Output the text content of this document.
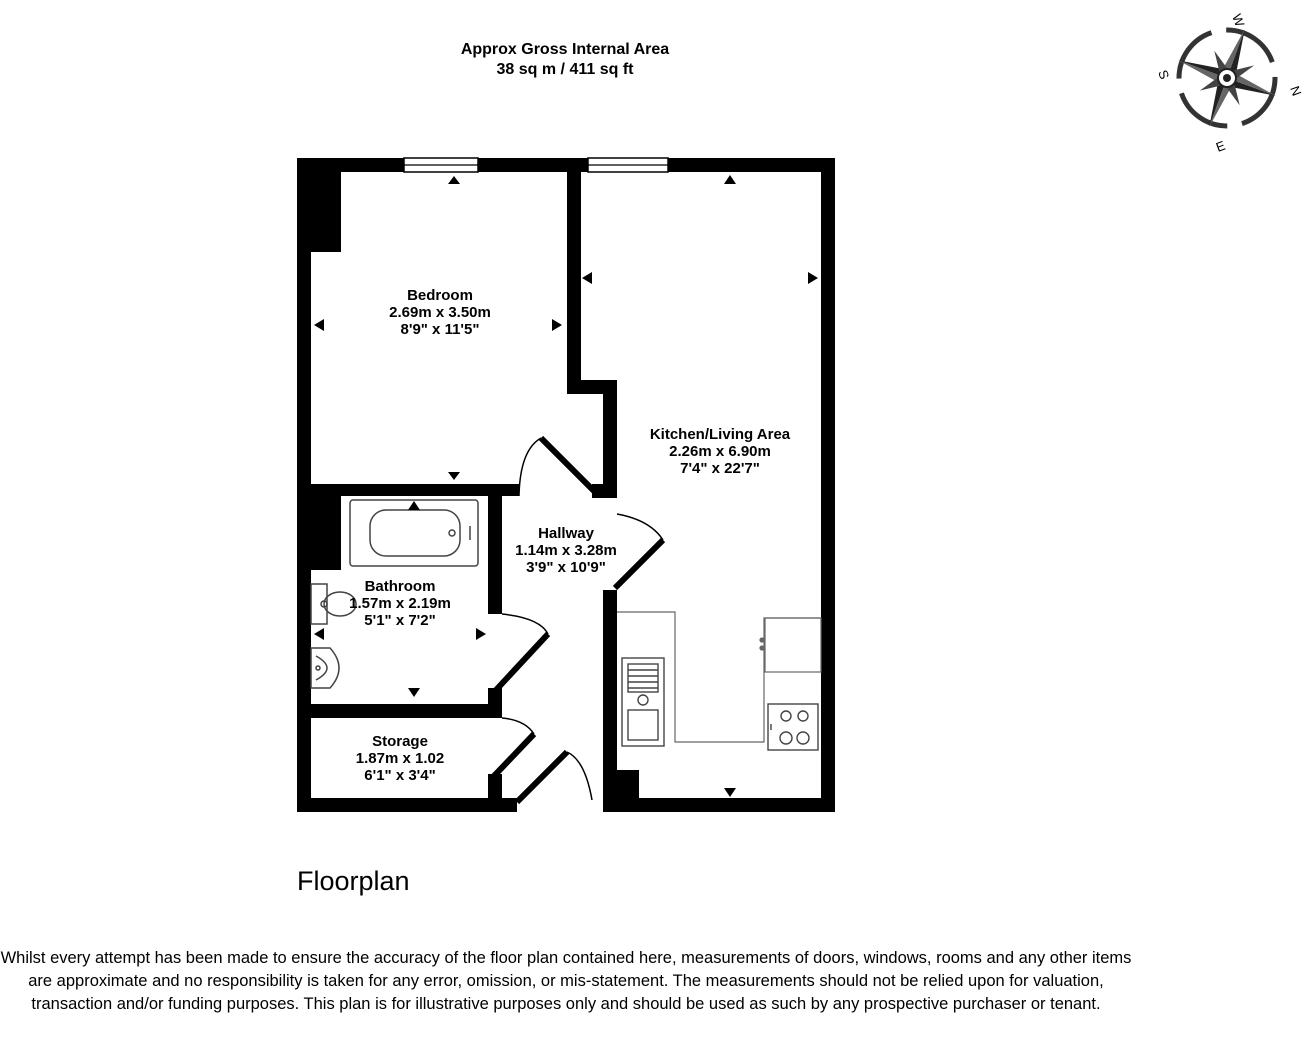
Approx Gross Internal Area
38 sq m / 411 sq ft
W
N
S
E
Bedroom
2.69m x 3.50m
8'9" x 11'5"
Kitchen/Living Area
2.26m x 6.90m
7'4" x 22'7"
Hallway
1.14m x 3.28m
3'9" x 10'9"
Bathroom
1.57m x 2.19m
5'1" x 7'2"
Storage
1.87m x 1.02
6'1" x 3'4"
Floorplan
Whilst every attempt has been made to ensure the accuracy of the floor plan contained here, measurements of doors, windows, rooms and any other items are approximate and no responsibility is taken for any error, omission, or mis-statement. The measurements should not be relied upon for valuation, transaction and/or funding purposes. This plan is for illustrative purposes only and should be used as such by any prospective purchaser or tenant.
